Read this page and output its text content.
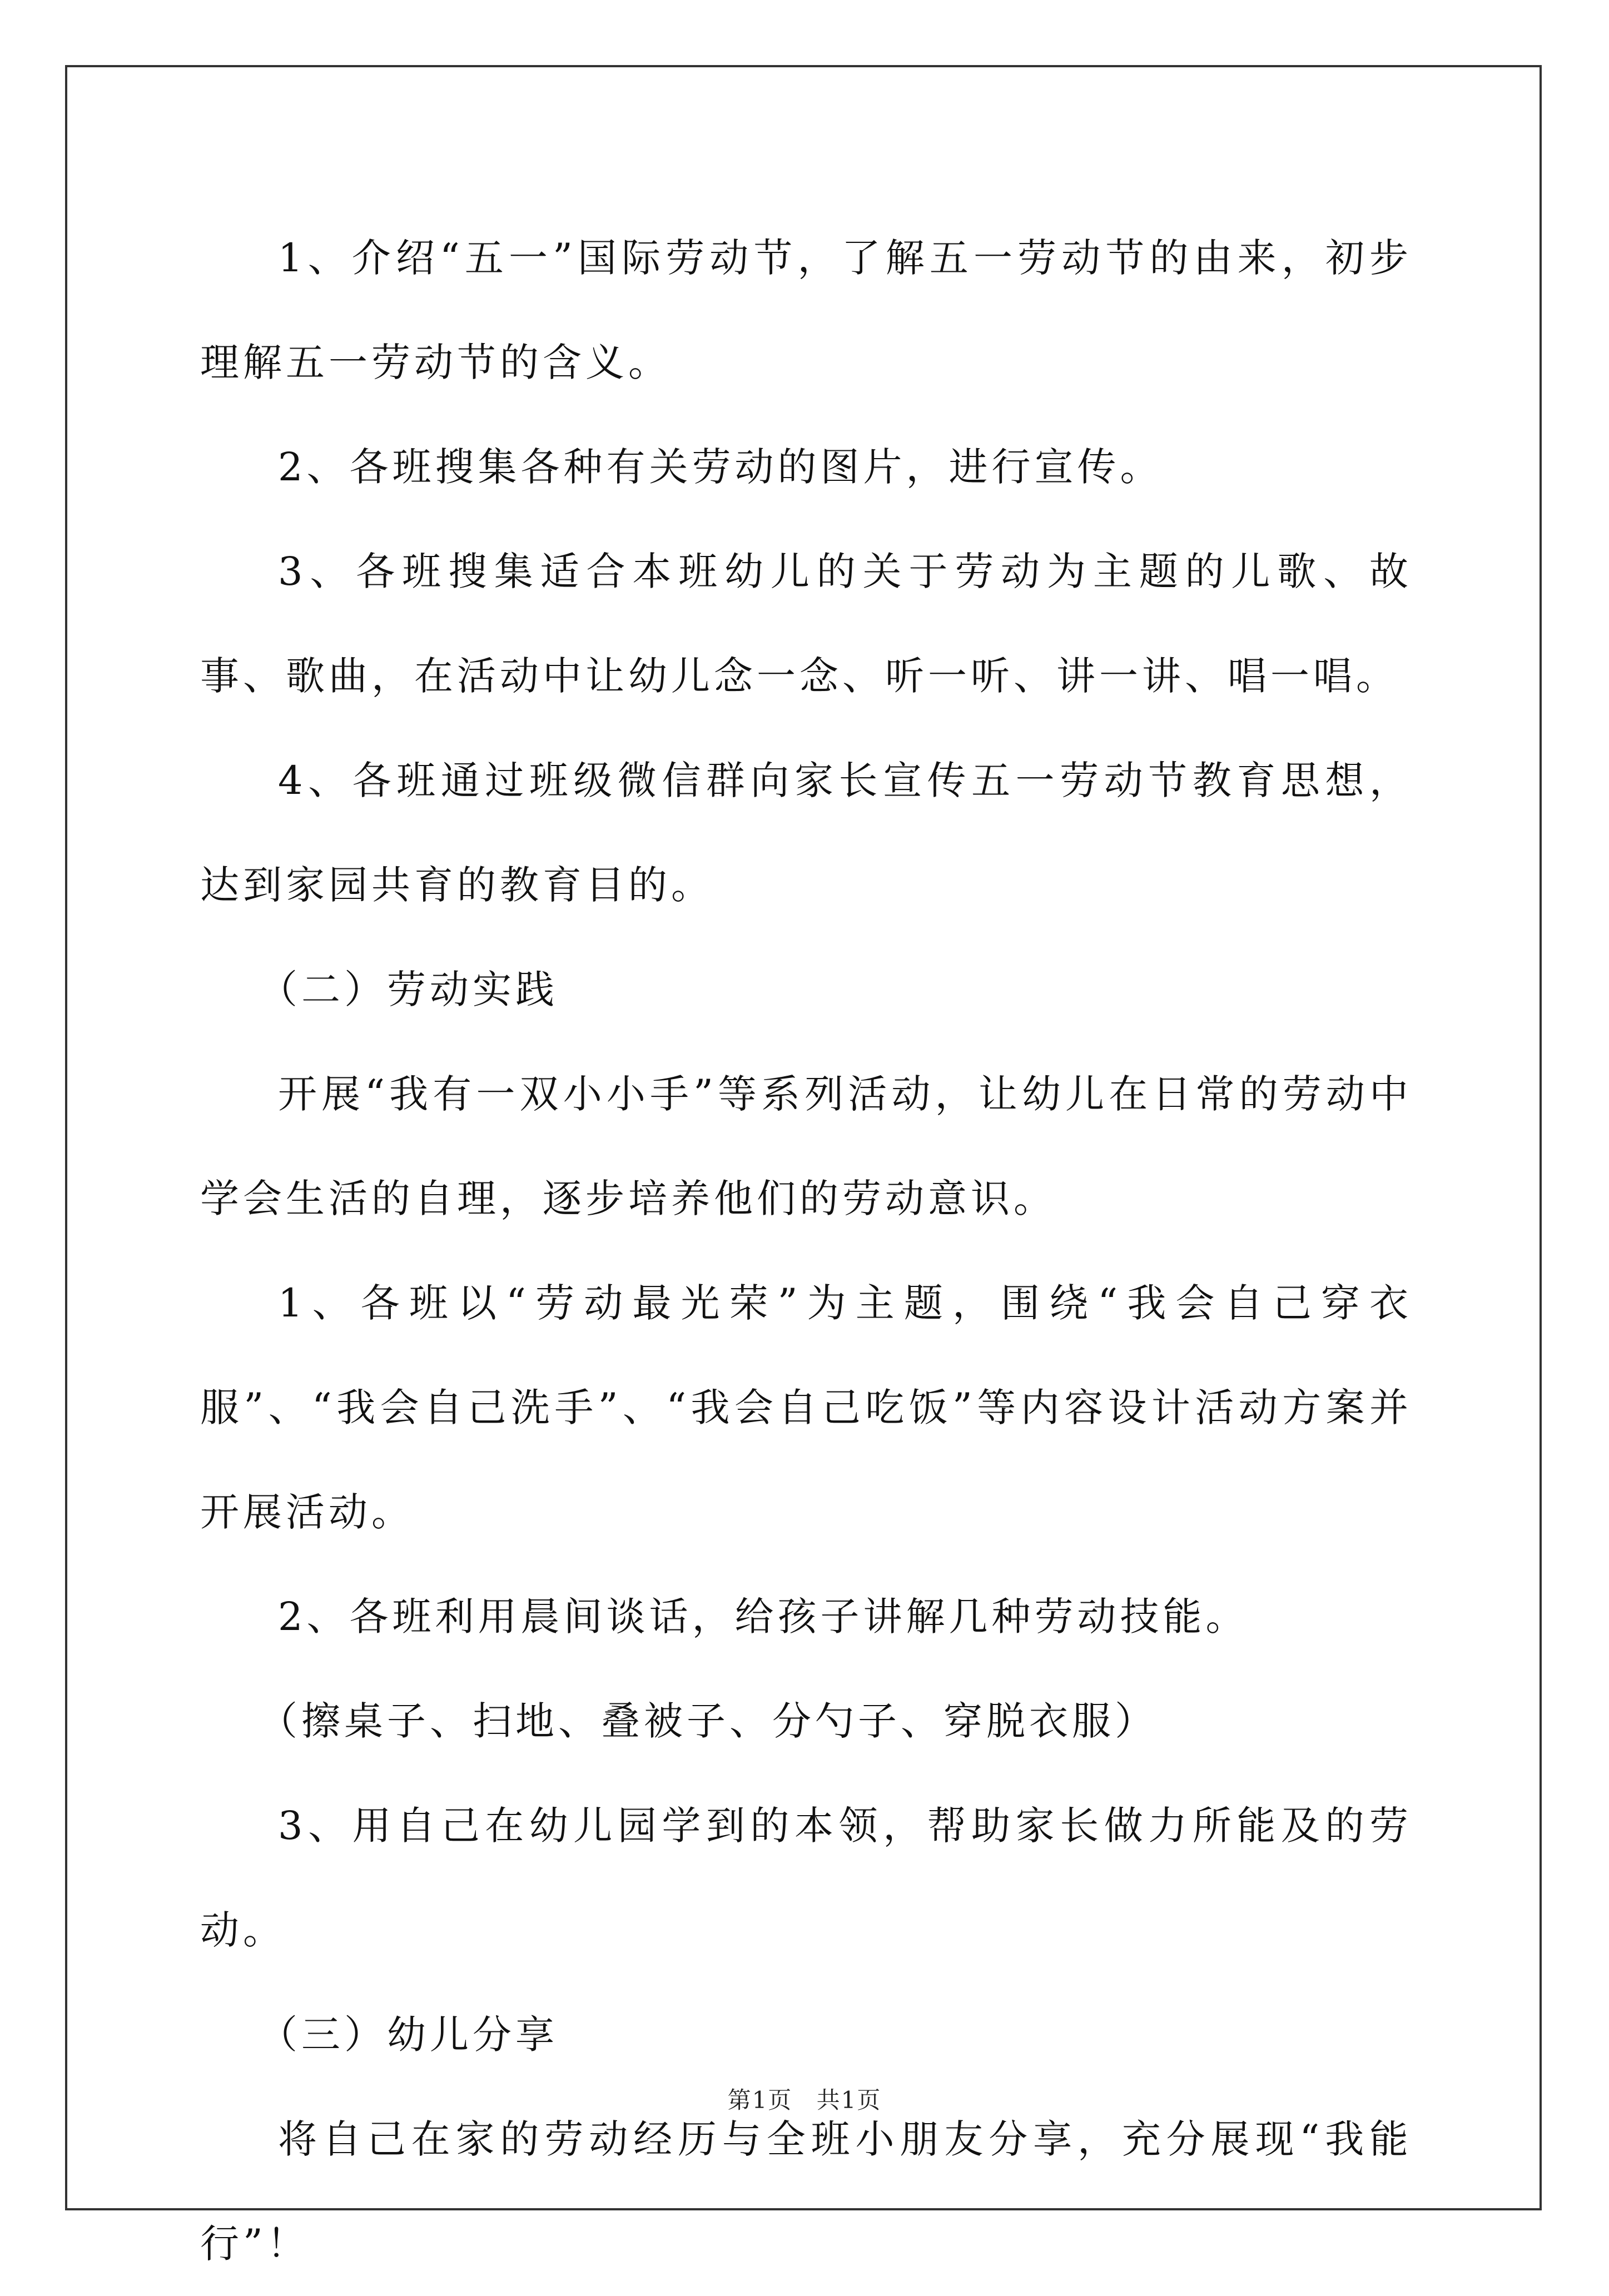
1、介绍“五一”国际劳动节，了解五一劳动节的由来，初步理解五一劳动节的含义。

2、各班搜集各种有关劳动的图片，进行宣传。

3、各班搜集适合本班幼儿的关于劳动为主题的儿歌、故事、歌曲，在活动中让幼儿念一念、听一听、讲一讲、唱一唱。

4、各班通过班级微信群向家长宣传五一劳动节教育思想，达到家园共育的教育目的。

（二）劳动实践

开展“我有一双小小手”等系列活动，让幼儿在日常的劳动中学会生活的自理，逐步培养他们的劳动意识。

1、各班以“劳动最光荣”为主题，围绕“我会自己穿衣服”、“我会自己洗手”、“我会自己吃饭”等内容设计活动方案并开展活动。

2、各班利用晨间谈话，给孩子讲解几种劳动技能。

（擦桌子、扫地、叠被子、分勺子、穿脱衣服）

3、用自己在幼儿园学到的本领，帮助家长做力所能及的劳动。

（三）幼儿分享

将自己在家的劳动经历与全班小朋友分享，充分展现“我能行”！

第1页 共1页
